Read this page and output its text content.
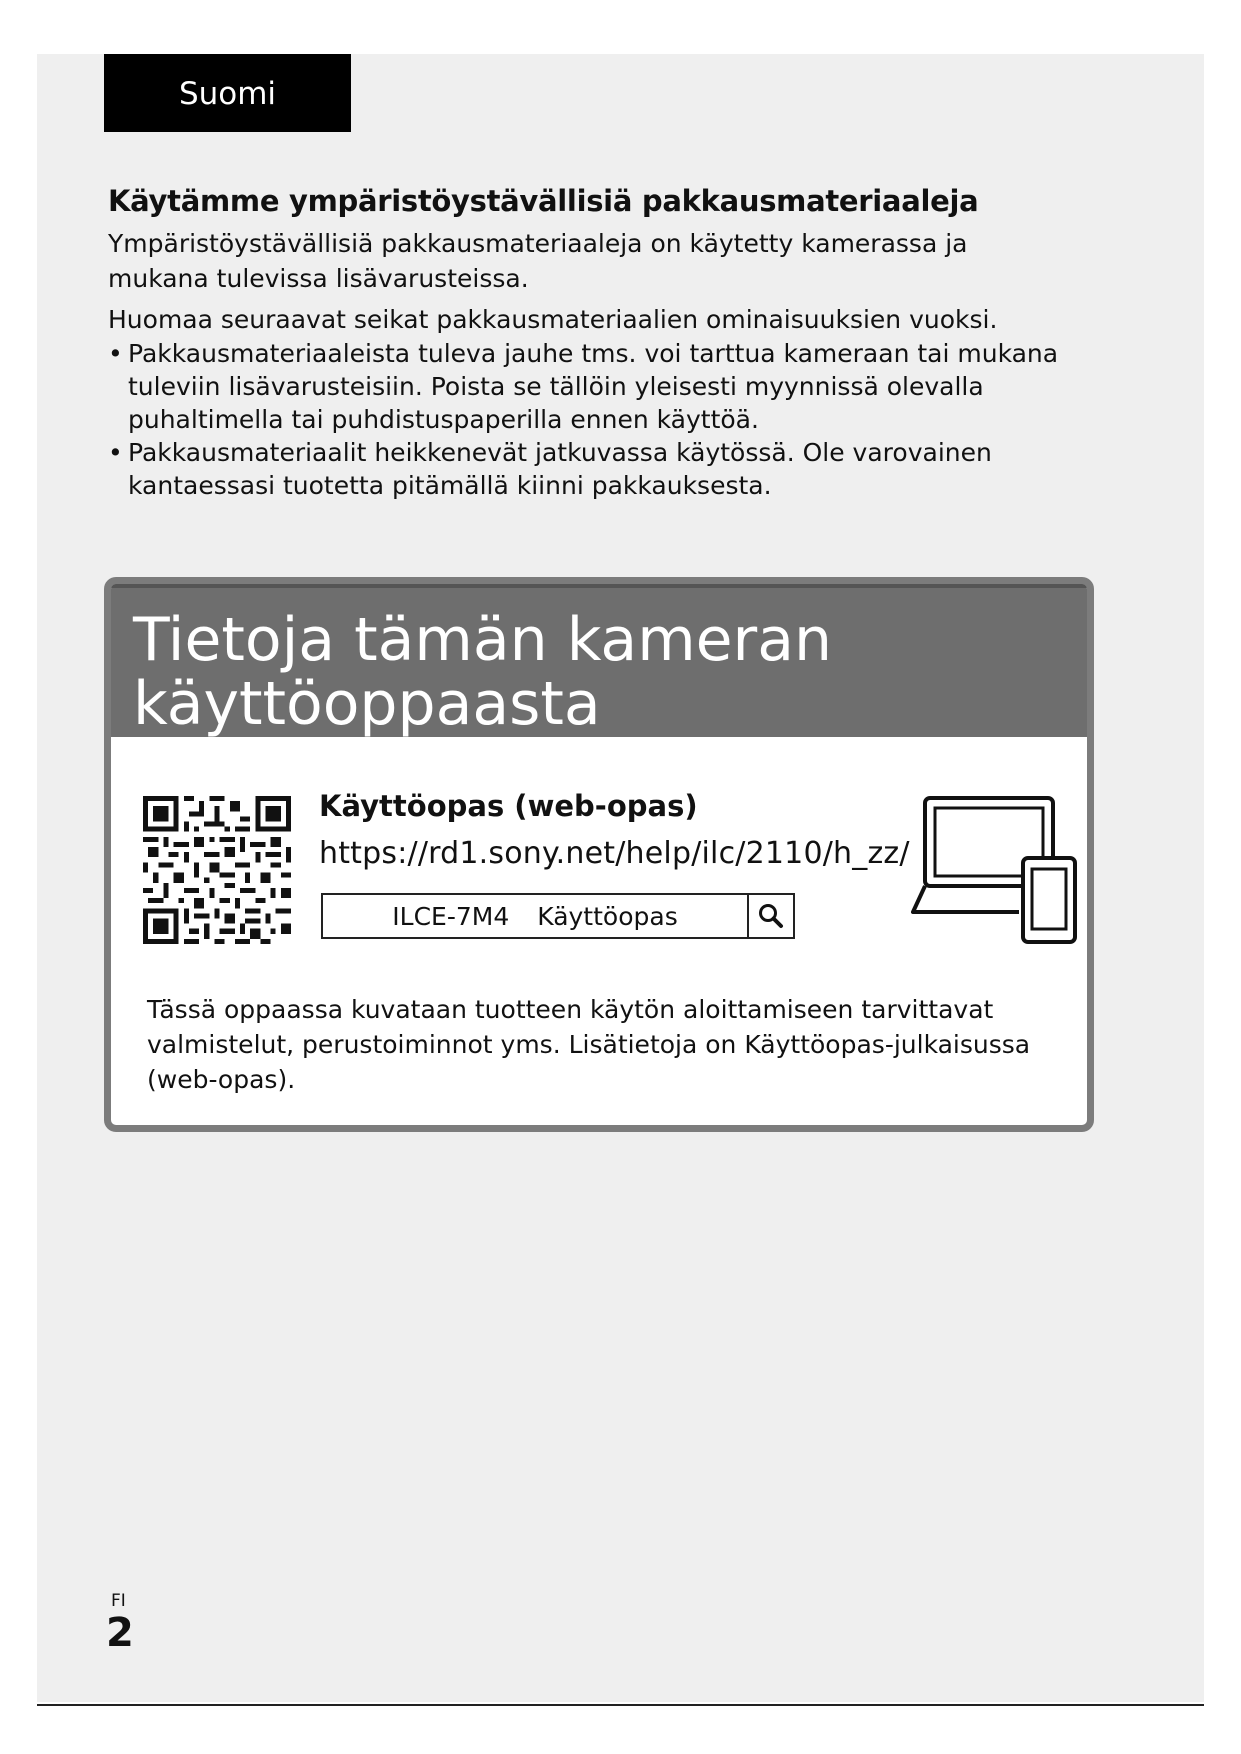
Suomi
Käytämme ympäristöystävällisiä pakkausmateriaaleja

Ympäristöystävällisiä pakkausmateriaaleja on käytetty kamerassa ja mukana tulevissa lisävarusteissa.

Huomaa seuraavat seikat pakkausmateriaalien ominaisuuksien vuoksi.

• Pakkausmateriaaleista tuleva jauhe tms. voi tarttua kameraan tai mukana tuleviin lisävarusteisiin. Poista se tällöin yleisesti myynnissä olevalla puhaltimella tai puhdistuspaperilla ennen käyttöä.
• Pakkausmateriaalit heikkenevät jatkuvassa käytössä. Ole varovainen kantaessasi tuotetta pitämällä kiinni pakkauksesta.
Tietoja tämän kameran
käyttöoppaasta
Käyttöopas (web-opas)
https://rd1.sony.net/help/ilc/2110/h_zz/
ILCE-7M4 Käyttöopas
Tässä oppaassa kuvataan tuotteen käytön aloittamiseen tarvittavat valmistelut, perustoiminnot yms. Lisätietoja on Käyttöopas-julkaisussa (web-opas).
FI
2
